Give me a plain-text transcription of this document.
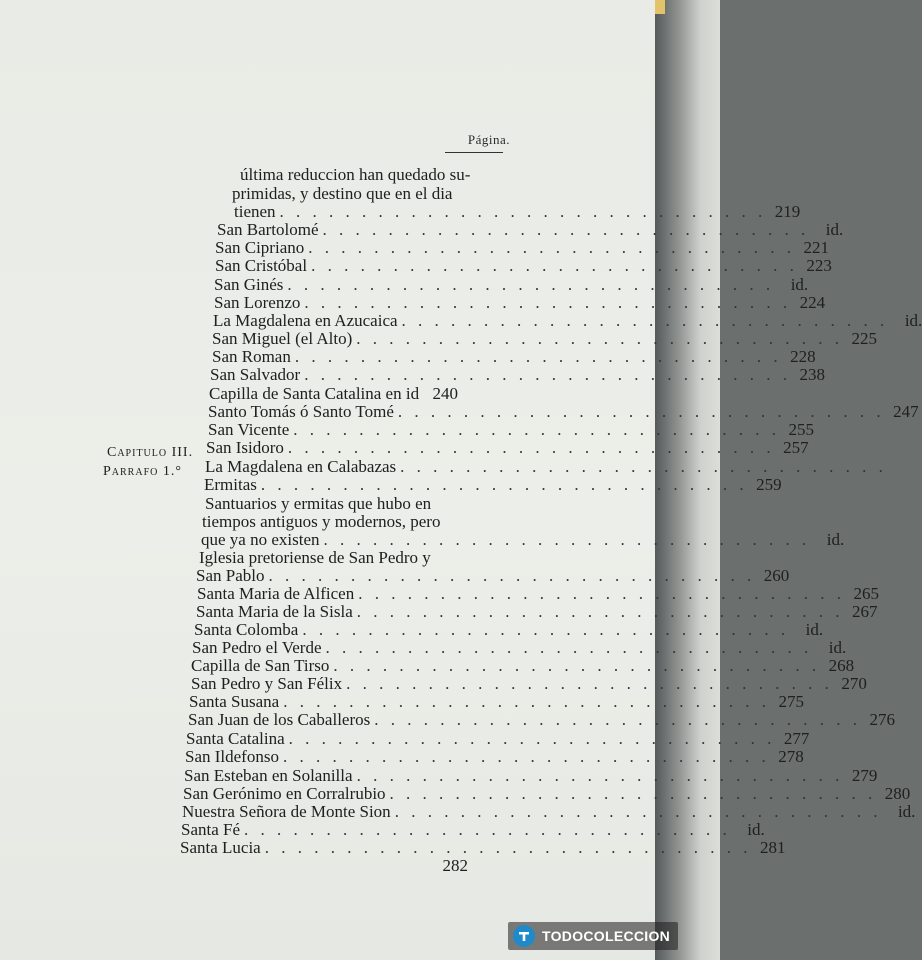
Página.
Capitulo III.
Parrafo 1.°
última reduccion han quedado su-
primidas, y destino que en el dia
tienen . . . . . . . . . . . . . . . . . . . . . . . . . . . . . . 219
San Bartolomé . . . . . . . . . . . . . . . . . . . . . . . . . . . . . . id.
San Cipriano . . . . . . . . . . . . . . . . . . . . . . . . . . . . . . 221
San Cristóbal . . . . . . . . . . . . . . . . . . . . . . . . . . . . . . 223
San Ginés . . . . . . . . . . . . . . . . . . . . . . . . . . . . . . id.
San Lorenzo . . . . . . . . . . . . . . . . . . . . . . . . . . . . . . 224
La Magdalena en Azucaica . . . . . . . . . . . . . . . . . . . . . . . . . . . . . . id.
San Miguel (el Alto) . . . . . . . . . . . . . . . . . . . . . . . . . . . . . . 225
San Roman . . . . . . . . . . . . . . . . . . . . . . . . . . . . . . 228
San Salvador . . . . . . . . . . . . . . . . . . . . . . . . . . . . . . 238
Capilla de Santa Catalina en id 240
Santo Tomás ó Santo Tomé . . . . . . . . . . . . . . . . . . . . . . . . . . . . . . 247
San Vicente . . . . . . . . . . . . . . . . . . . . . . . . . . . . . . 255
San Isidoro . . . . . . . . . . . . . . . . . . . . . . . . . . . . . . 257
La Magdalena en Calabazas . . . . . . . . . . . . . . . . . . . . . . . . . . . . . .
Ermitas . . . . . . . . . . . . . . . . . . . . . . . . . . . . . . 259
Santuarios y ermitas que hubo en
tiempos antiguos y modernos, pero
que ya no existen . . . . . . . . . . . . . . . . . . . . . . . . . . . . . . id.
Iglesia pretoriense de San Pedro y
San Pablo . . . . . . . . . . . . . . . . . . . . . . . . . . . . . . 260
Santa Maria de Alficen . . . . . . . . . . . . . . . . . . . . . . . . . . . . . . 265
Santa Maria de la Sisla . . . . . . . . . . . . . . . . . . . . . . . . . . . . . . 267
Santa Colomba . . . . . . . . . . . . . . . . . . . . . . . . . . . . . . id.
San Pedro el Verde . . . . . . . . . . . . . . . . . . . . . . . . . . . . . . id.
Capilla de San Tirso . . . . . . . . . . . . . . . . . . . . . . . . . . . . . . 268
San Pedro y San Félix . . . . . . . . . . . . . . . . . . . . . . . . . . . . . . 270
Santa Susana . . . . . . . . . . . . . . . . . . . . . . . . . . . . . . 275
San Juan de los Caballeros . . . . . . . . . . . . . . . . . . . . . . . . . . . . . . 276
Santa Catalina . . . . . . . . . . . . . . . . . . . . . . . . . . . . . . 277
San Ildefonso . . . . . . . . . . . . . . . . . . . . . . . . . . . . . . 278
San Esteban en Solanilla . . . . . . . . . . . . . . . . . . . . . . . . . . . . . . 279
San Gerónimo en Corralrubio . . . . . . . . . . . . . . . . . . . . . . . . . . . . . . 280
Nuestra Señora de Monte Sion . . . . . . . . . . . . . . . . . . . . . . . . . . . . . . id.
Santa Fé . . . . . . . . . . . . . . . . . . . . . . . . . . . . . . id.
Santa Lucia . . . . . . . . . . . . . . . . . . . . . . . . . . . . . . 281
282
TODOCOLECCION
